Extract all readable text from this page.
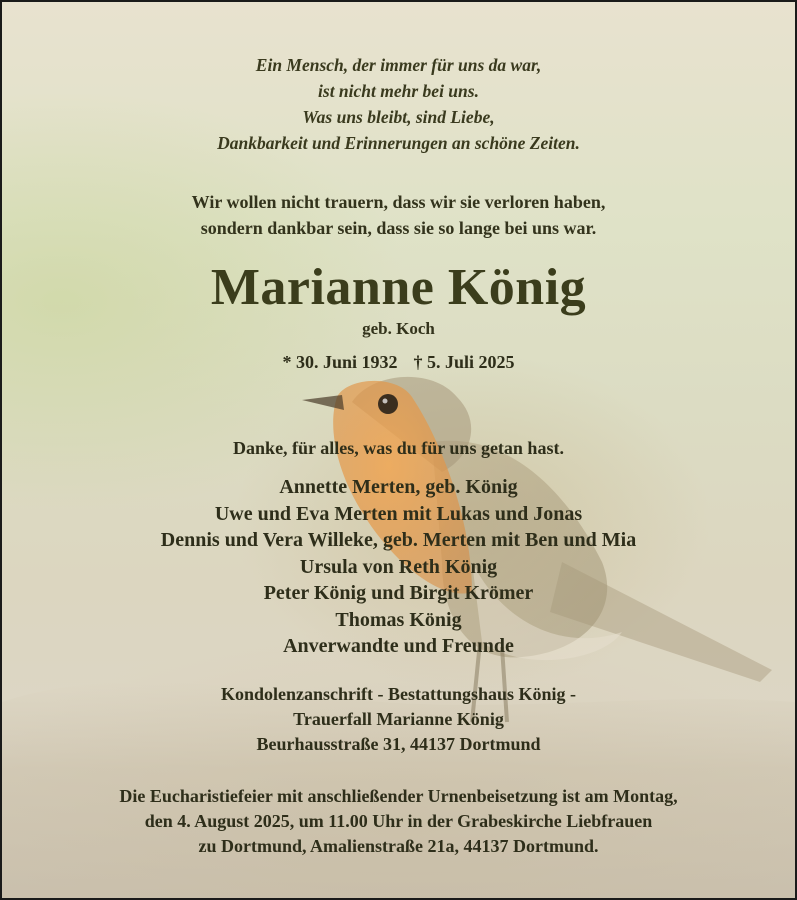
Ein Mensch, der immer für uns da war,
ist nicht mehr bei uns.
Was uns bleibt, sind Liebe,
Dankbarkeit und Erinnerungen an schöne Zeiten.
Wir wollen nicht trauern, dass wir sie verloren haben,
sondern dankbar sein, dass sie so lange bei uns war.
Marianne König
geb. Koch
* 30. Juni 1932 † 5. Juli 2025
Danke, für alles, was du für uns getan hast.
Annette Merten, geb. König
Uwe und Eva Merten mit Lukas und Jonas
Dennis und Vera Willeke, geb. Merten mit Ben und Mia
Ursula von Reth König
Peter König und Birgit Krömer
Thomas König
Anverwandte und Freunde
Kondolenzanschrift - Bestattungshaus König -
Trauerfall Marianne König
Beurhausstraße 31, 44137 Dortmund
Die Eucharistiefeier mit anschließender Urnenbeisetzung ist am Montag,
den 4. August 2025, um 11.00 Uhr in der Grabeskirche Liebfrauen
zu Dortmund, Amalienstraße 21a, 44137 Dortmund.
